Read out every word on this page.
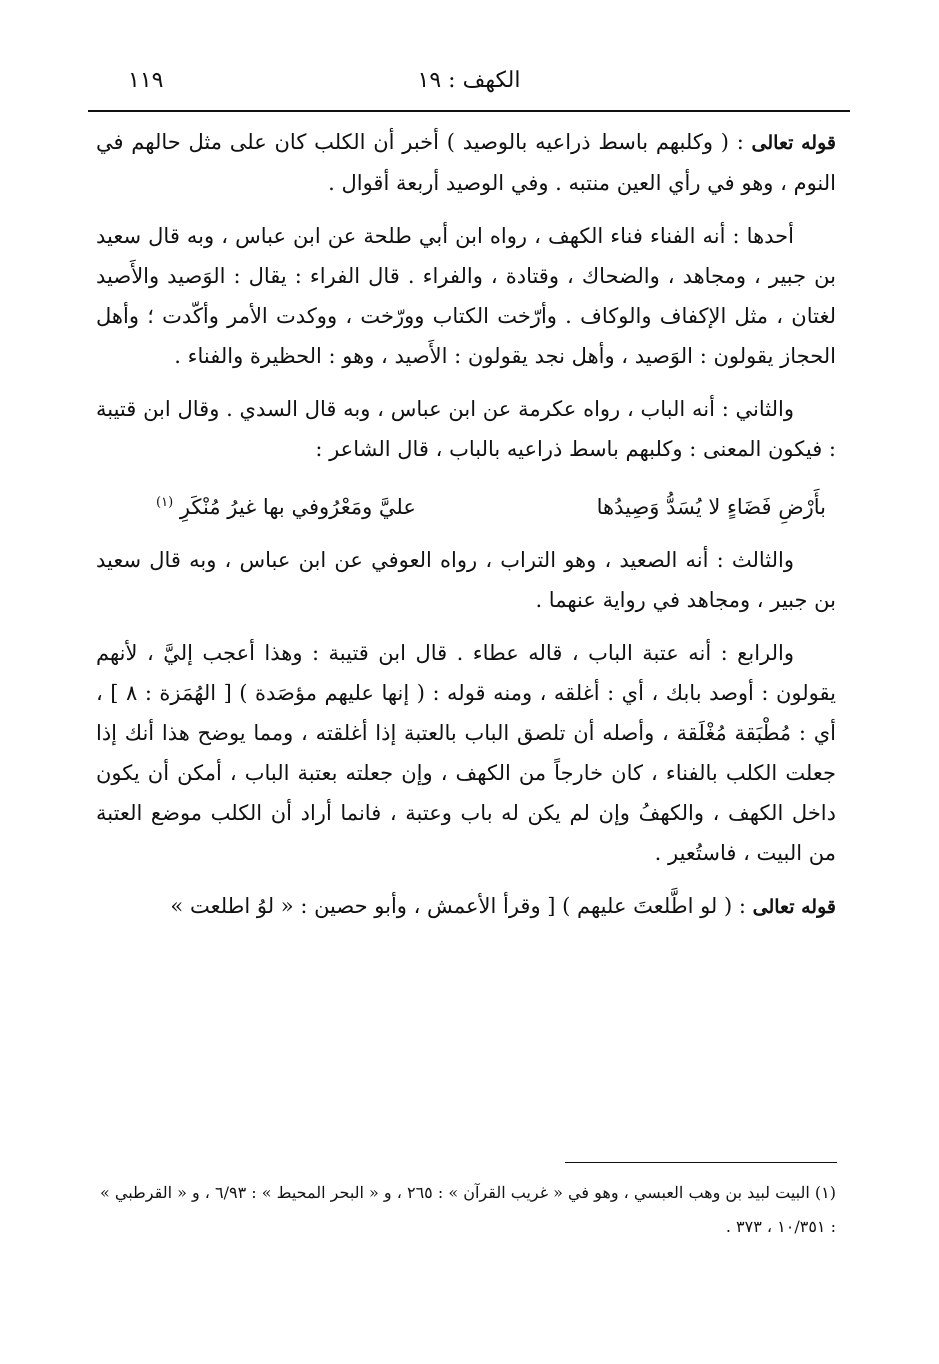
الكهف : ١٩
١١٩

قوله تعالى : ( وكلبهم باسط ذراعيه بالوصيد ) أخبر أن الكلب كان على مثل حالهم في النوم ، وهو في رأي العين منتبه . وفي الوصيد أربعة أقوال .

أحدها : أنه الفناء فناء الكهف ، رواه ابن أبي طلحة عن ابن عباس ، وبه قال سعيد بن جبير ، ومجاهد ، والضحاك ، وقتادة ، والفراء . قال الفراء : يقال : الوَصيد والأَصيد لغتان ، مثل الإكفاف والوكاف . وأرّخت الكتاب وورّخت ، ووكدت الأمر وأكّدت ؛ وأهل الحجاز يقولون : الوَصيد ، وأهل نجد يقولون : الأَصيد ، وهو : الحظيرة والفناء .

والثاني : أنه الباب ، رواه عكرمة عن ابن عباس ، وبه قال السدي . وقال ابن قتيبة : فيكون المعنى : وكلبهم باسط ذراعيه بالباب ، قال الشاعر :

بأَرْضِ فَضَاءٍ لا يُسَدُّ وَصِيدُها
عليَّ ومَعْرُوفي بها غيرُ مُنْكَرِ $^{(١)}$

والثالث : أنه الصعيد ، وهو التراب ، رواه العوفي عن ابن عباس ، وبه قال سعيد بن جبير ، ومجاهد في رواية عنهما .

والرابع : أنه عتبة الباب ، قاله عطاء . قال ابن قتيبة : وهذا أعجب إليَّ ، لأنهم يقولون : أوصد بابك ، أي : أغلقه ، ومنه قوله : ( إنها عليهم مؤصَدة ) [ الهُمَزة : ٨ ] ، أي : مُطْبَقة مُغْلَقة ، وأصله أن تلصق الباب بالعتبة إذا أغلقته ، ومما يوضح هذا أنك إذا جعلت الكلب بالفناء ، كان خارجاً من الكهف ، وإن جعلته بعتبة الباب ، أمكن أن يكون داخل الكهف ، والكهفُ وإن لم يكن له باب وعتبة ، فانما أراد أن الكلب موضع العتبة من البيت ، فاستُعير .

قوله تعالى : ( لو اطَّلعتَ عليهم ) [ وقرأ الأعمش ، وأبو حصين : « لوُ اطلعت »

(١) البيت لبيد بن وهب العبسي ، وهو في « غريب القرآن » : ٢٦٥ ، و « البحر المحيط » : ٦/٩٣ ، و « القرطبي » : ١٠/٣٥١ ، ٣٧٣ .
